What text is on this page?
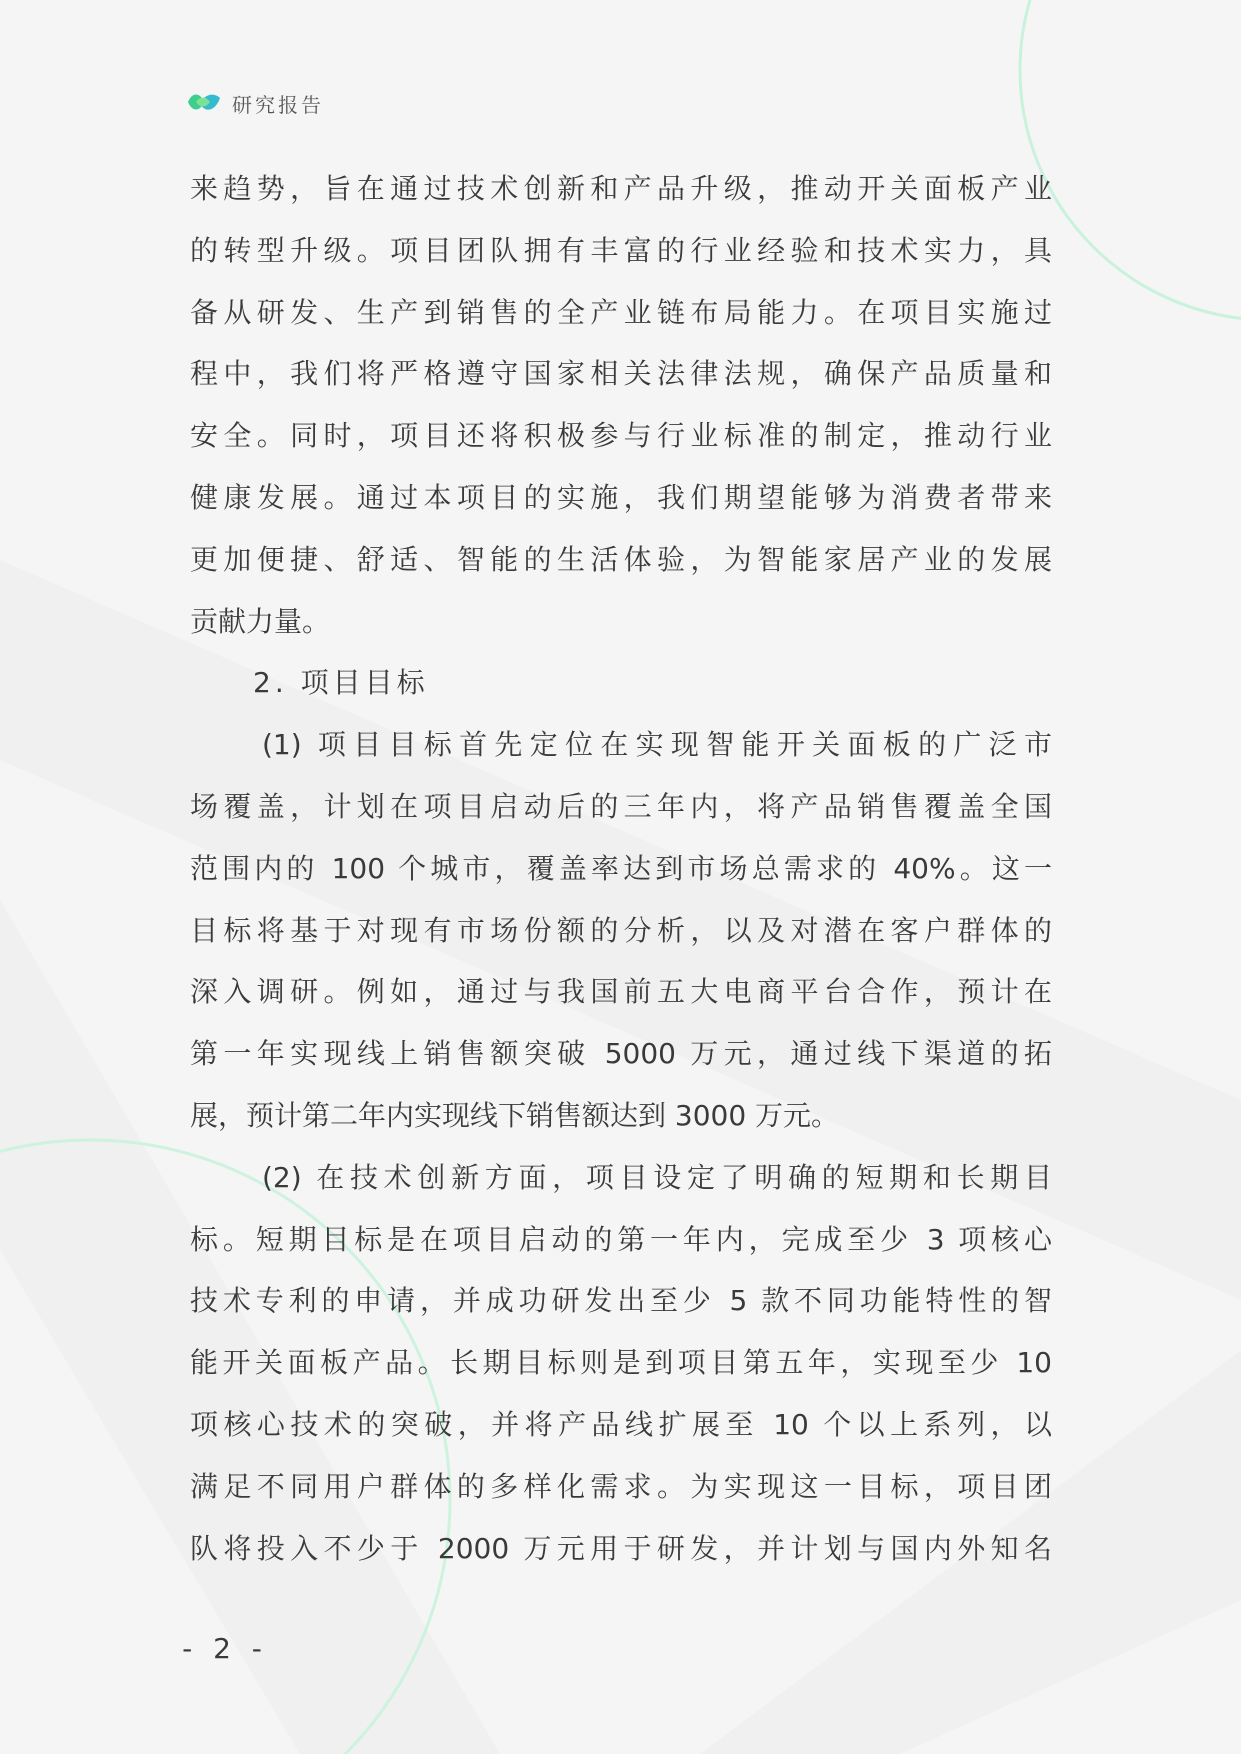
研究报告
来趋势，旨在通过技术创新和产品升级，推动开关面板产业
的转型升级。项目团队拥有丰富的行业经验和技术实力，具
备从研发、生产到销售的全产业链布局能力。在项目实施过
程中，我们将严格遵守国家相关法律法规，确保产品质量和
安全。同时，项目还将积极参与行业标准的制定，推动行业
健康发展。通过本项目的实施，我们期望能够为消费者带来
更加便捷、舒适、智能的生活体验，为智能家居产业的发展
贡献力量。
2. 项目目标
(1) 项目目标首先定位在实现智能开关面板的广泛市
场覆盖，计划在项目启动后的三年内，将产品销售覆盖全国
范围内的 100 个城市，覆盖率达到市场总需求的 40%。这一
目标将基于对现有市场份额的分析，以及对潜在客户群体的
深入调研。例如，通过与我国前五大电商平台合作，预计在
第一年实现线上销售额突破 5000 万元，通过线下渠道的拓
展，预计第二年内实现线下销售额达到 3000 万元。
(2) 在技术创新方面，项目设定了明确的短期和长期目
标。短期目标是在项目启动的第一年内，完成至少 3 项核心
技术专利的申请，并成功研发出至少 5 款不同功能特性的智
能开关面板产品。长期目标则是到项目第五年，实现至少 10
项核心技术的突破，并将产品线扩展至 10 个以上系列，以
满足不同用户群体的多样化需求。为实现这一目标，项目团
队将投入不少于 2000 万元用于研发，并计划与国内外知名
- 2 -
